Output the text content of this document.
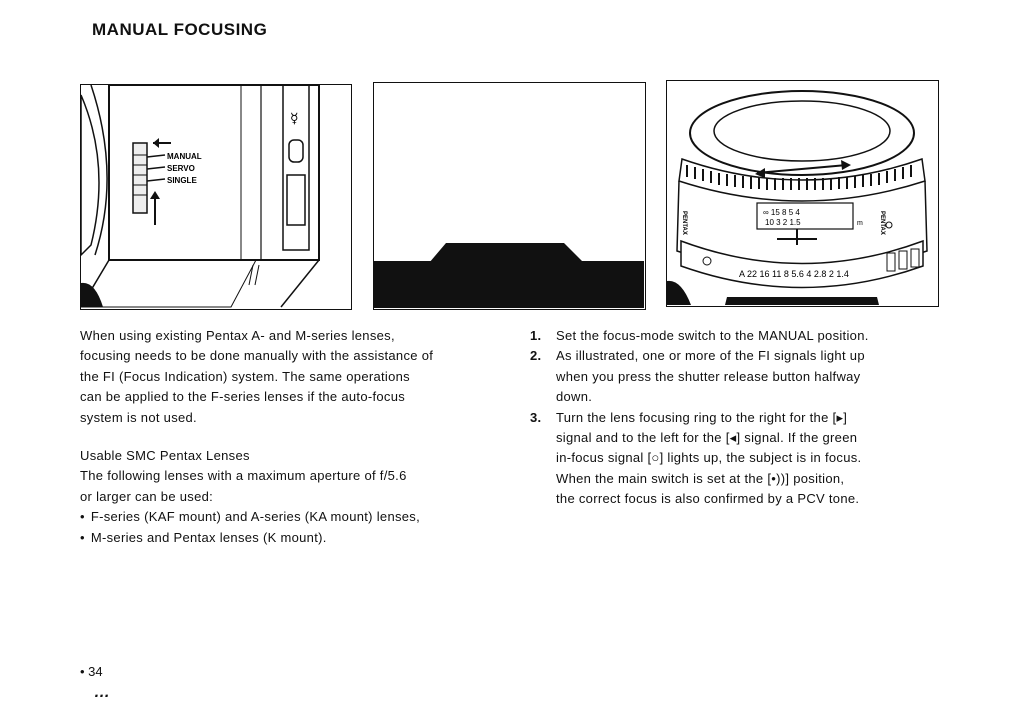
MANUAL FOCUSING
☿
MANUAL
SERVO
SINGLE
∞ 15 8 5 4
10 3 2 1.5	m
PENTAX	PENTAX
A 22 16 11 8 5.6 4 2.8 2 1.4
When using existing Pentax A- and M-series lenses,
focusing needs to be done manually with the assistance of
the FI (Focus Indication) system. The same operations
can be applied to the F-series lenses if the auto-focus
system is not used.
Usable SMC Pentax Lenses
The following lenses with a maximum aperture of f/5.6
or larger can be used:
• F-series (KAF mount) and A-series (KA mount) lenses,
• M-series and Pentax lenses (K mount).
1. Set the focus-mode switch to the MANUAL position.
2. As illustrated, one or more of the FI signals light up
when you press the shutter release button halfway
down.
3. Turn the lens focusing ring to the right for the [▸]
signal and to the left for the [◂] signal. If the green
in-focus signal [○] lights up, the subject is in focus.
When the main switch is set at the [•))] position,
the correct focus is also confirmed by a PCV tone.
• 34
…
